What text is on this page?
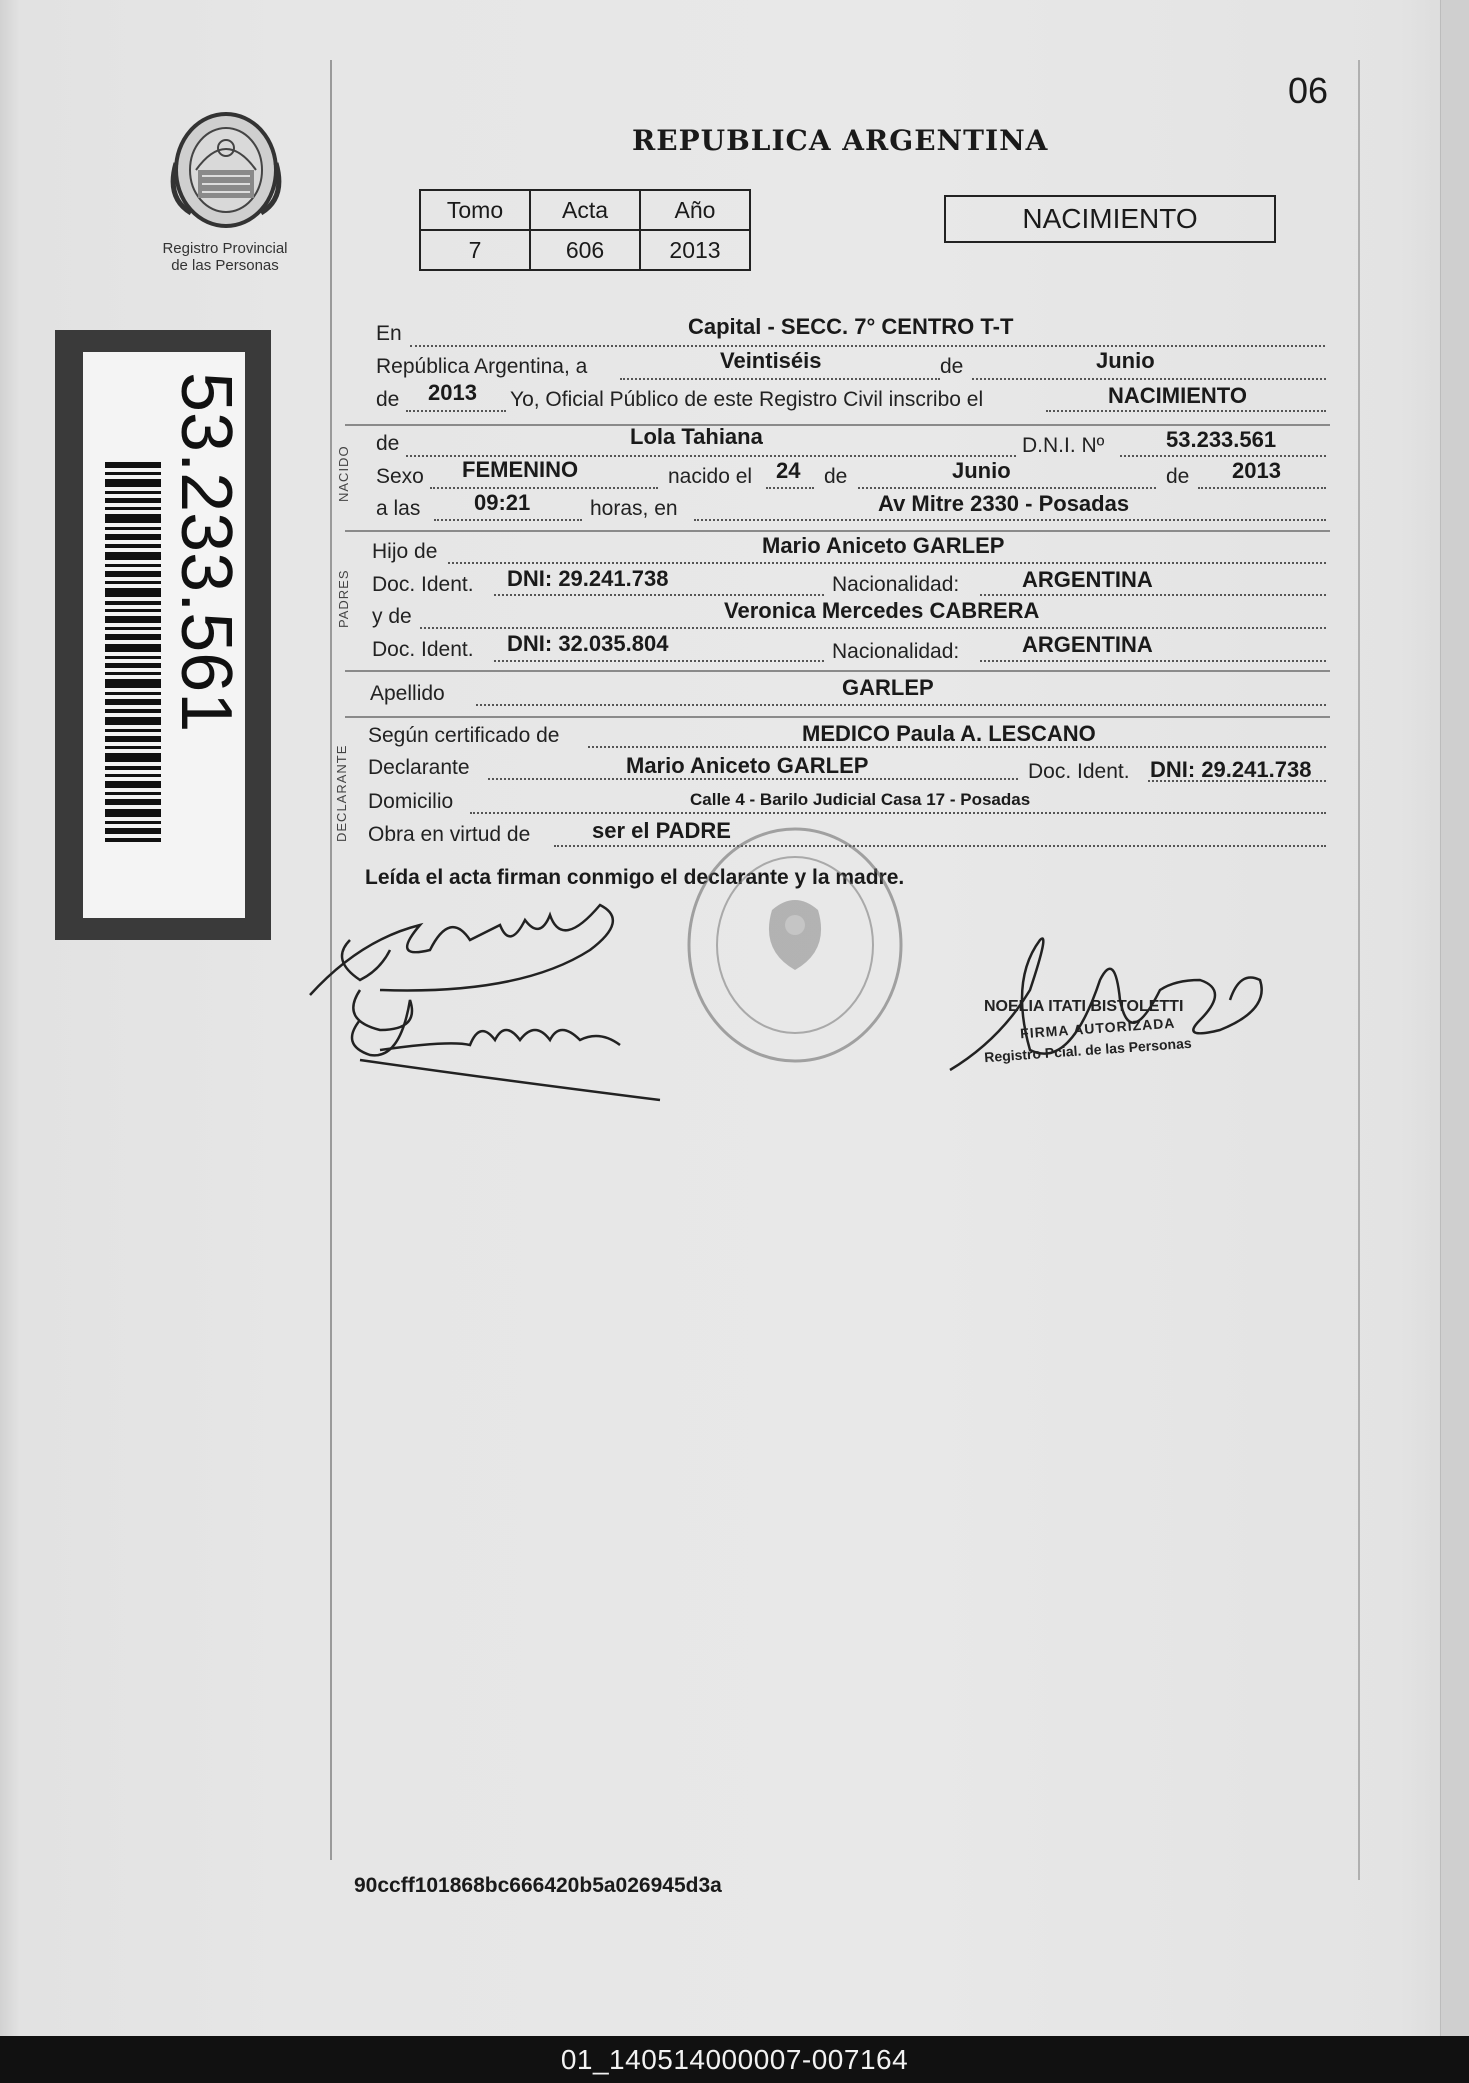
06
REPUBLICA ARGENTINA
Registro Provincial
de las Personas
Tomo	Acta	Año
7	606	2013
NACIMIENTO
53.233.561
En	Capital - SECC. 7° CENTRO T-T
República Argentina, a	Veintiséis	de	Junio
de 2013 Yo, Oficial Público de este Registro Civil inscribo el	NACIMIENTO
NACIDO
de	Lola Tahiana	D.N.I. Nº	53.233.561
Sexo FEMENINO	nacido el 24 de	Junio	de 2013
a las 09:21	horas, en	Av Mitre 2330 - Posadas
PADRES
Hijo de	Mario Aniceto GARLEP
Doc. Ident. DNI: 29.241.738	Nacionalidad:	ARGENTINA
y de	Veronica Mercedes CABRERA
Doc. Ident. DNI: 32.035.804	Nacionalidad:	ARGENTINA
Apellido	GARLEP
DECLARANTE
Según certificado de	MEDICO Paula A. LESCANO
Declarante	Mario Aniceto GARLEP	Doc. Ident. DNI: 29.241.738
Domicilio	Calle 4 - Barilo Judicial Casa 17 - Posadas
Obra en virtud de	ser el PADRE
Leída el acta firman conmigo el declarante y la madre.
NOELIA ITATI BISTOLETTI
FIRMA AUTORIZADA
Registro Pcial. de las Personas
90ccff101868bc666420b5a026945d3a
01_140514000007-007164
